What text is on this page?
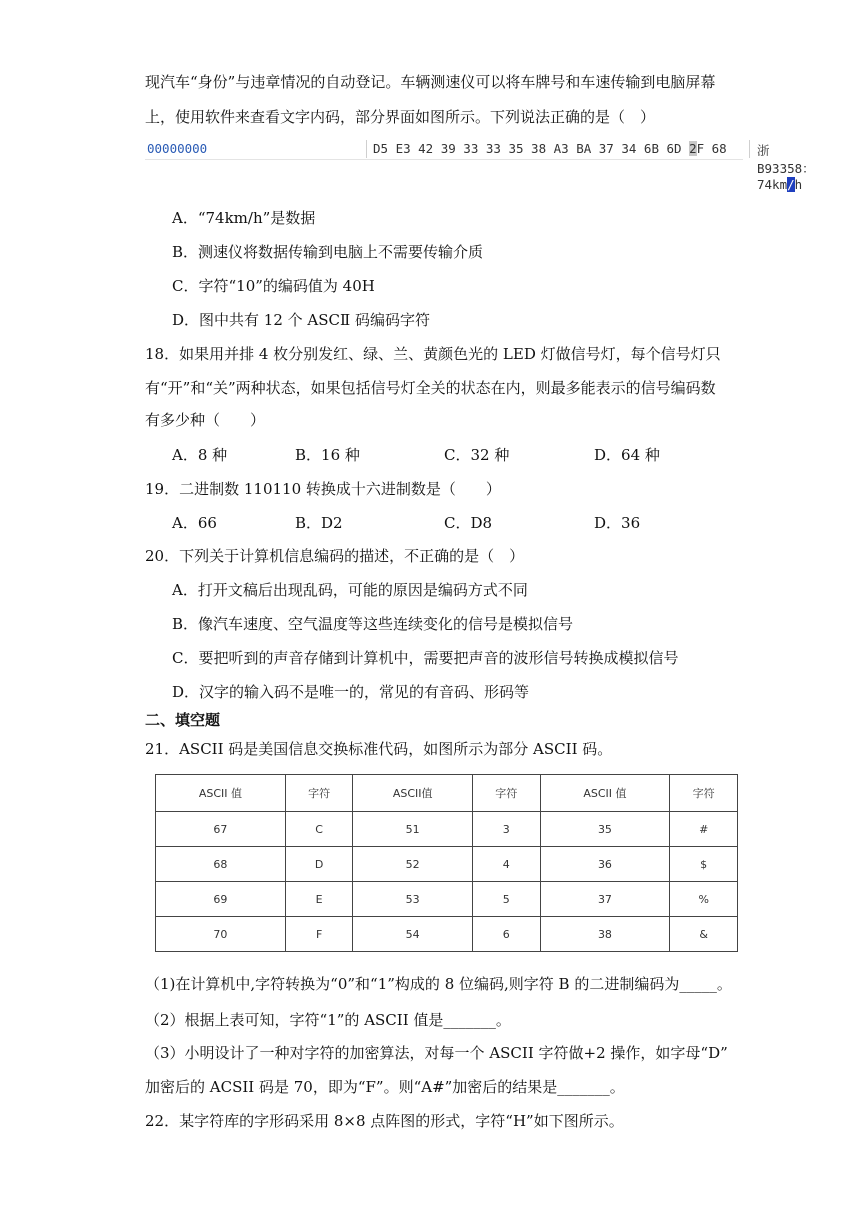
现汽车“身份”与违章情况的自动登记。车辆测速仪可以将车牌号和车速传输到电脑屏幕
上，使用软件来查看文字内码，部分界面如图所示。下列说法正确的是（　）
00000000	D5 E3 42 39 33 33 35 38 A3 BA 37 34 6B 6D 2F 68 浙B93358：74km/h
A．“74km/h”是数据
B．测速仪将数据传输到电脑上不需要传输介质
C．字符“10”的编码值为 40H
D．图中共有 12 个 ASCⅡ 码编码字符
18．如果用并排 4 枚分别发红、绿、兰、黄颜色光的 LED 灯做信号灯，每个信号灯只
有“开”和“关”两种状态，如果包括信号灯全关的状态在内，则最多能表示的信号编码数
有多少种（　　）
A．8 种	B．16 种	C．32 种	D．64 种
19．二进制数 110110 转换成十六进制数是（　　）
A．66	B．D2	C．D8	D．36
20．下列关于计算机信息编码的描述，不正确的是（　）
A．打开文稿后出现乱码，可能的原因是编码方式不同
B．像汽车速度、空气温度等这些连续变化的信号是模拟信号
C．要把听到的声音存储到计算机中，需要把声音的波形信号转换成模拟信号
D．汉字的输入码不是唯一的，常见的有音码、形码等
二、填空题
21．ASCII 码是美国信息交换标准代码，如图所示为部分 ASCII 码。
ASCII 值	字符	ASCII值	字符	ASCII 值	字符
67	C	51	3	35	#
68	D	52	4	36	$
69	E	53	5	37	%
70	F	54	6	38	&
（1)在计算机中,字符转换为“0”和“1”构成的 8 位编码,则字符 B 的二进制编码为_____。
（2）根据上表可知，字符“1”的 ASCII 值是_______。
（3）小明设计了一种对字符的加密算法，对每一个 ASCII 字符做+2 操作，如字母“D”
加密后的 ACSII 码是 70，即为“F”。则“A#”加密后的结果是_______。
22．某字符库的字形码采用 8×8 点阵图的形式，字符“H”如下图所示。
